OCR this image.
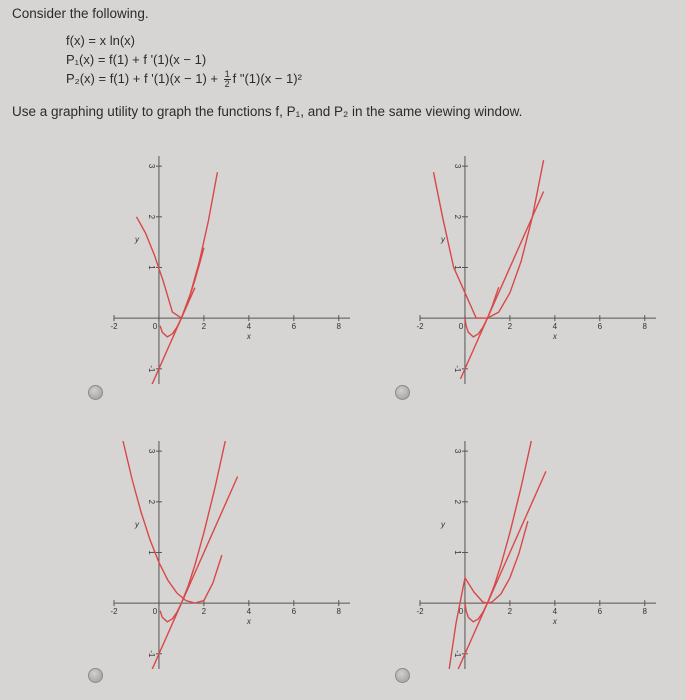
Consider the following.
f(x) = x ln(x)
P₁(x) = f(1) + f '(1)(x − 1)
P₂(x) = f(1) + f '$(1)(x - 1) + \frac{1}{2}$ f "(1)(x − 1)²
Use a graphing utility to graph the functions f, P₁, and P₂ in the same viewing window.
-2	0	2	4	6	8
-1
1
2
3
x
y
-2	0	2	4	6	8
-1
1
2
3
x
y
-2	0	2	4	6	8
-1
1
2
3
x
y
-2	0	2	4	6	8
-1
1
2
3
x
y
